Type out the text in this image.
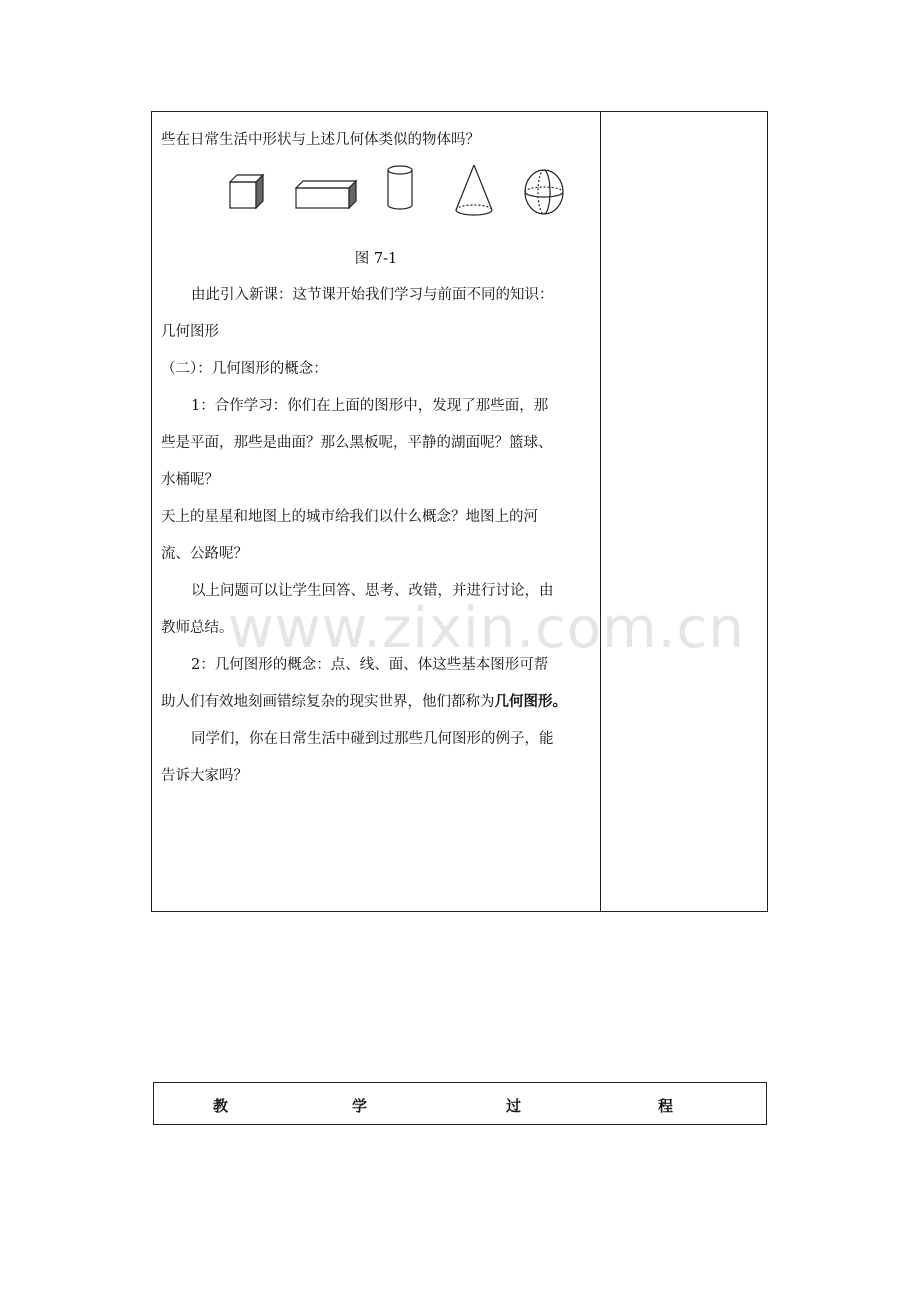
些在日常生活中形状与上述几何体类似的物体吗？
图 7-1
由此引入新课：这节课开始我们学习与前面不同的知识：
几何图形
（二）：几何图形的概念：
1：合作学习：你们在上面的图形中，发现了那些面，那
些是平面，那些是曲面？那么黑板呢，平静的湖面呢？篮球、
水桶呢？
天上的星星和地图上的城市给我们以什么概念？地图上的河
流、公路呢？
以上问题可以让学生回答、思考、改错，并进行讨论，由
教师总结。
2：几何图形的概念：点、线、面、体这些基本图形可帮
助人们有效地刻画错综复杂的现实世界，他们都称为几何图形。
同学们，你在日常生活中碰到过那些几何图形的例子，能
告诉大家吗？
www.zixin.com.cn
教	学	过	程
